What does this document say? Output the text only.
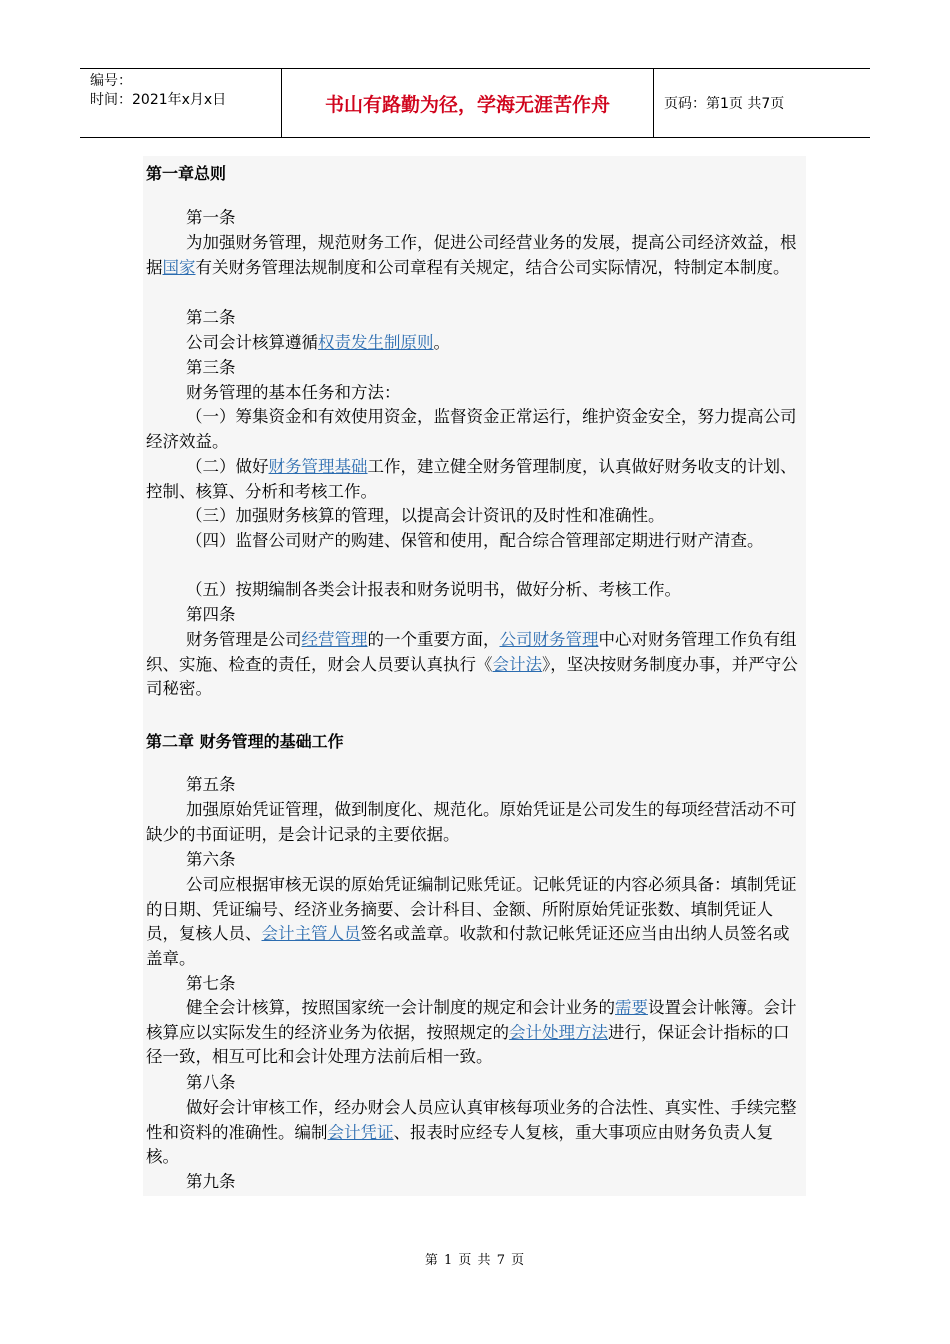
编号：
时间：2021年x月x日	书山有路勤为径，学海无涯苦作舟	页码：第1页 共7页
第一章总则
第一条
为加强财务管理，规范财务工作，促进公司经营业务的发展，提高公司经济效益，根据国家有关财务管理法规制度和公司章程有关规定，结合公司实际情况，特制定本制度。
第二条
公司会计核算遵循权责发生制原则。
第三条
财务管理的基本任务和方法：
（一）筹集资金和有效使用资金，监督资金正常运行，维护资金安全，努力提高公司经济效益。
（二）做好财务管理基础工作，建立健全财务管理制度，认真做好财务收支的计划、控制、核算、分析和考核工作。
（三）加强财务核算的管理，以提高会计资讯的及时性和准确性。
（四）监督公司财产的购建、保管和使用，配合综合管理部定期进行财产清查。
（五）按期编制各类会计报表和财务说明书，做好分析、考核工作。
第四条
财务管理是公司经营管理的一个重要方面，公司财务管理中心对财务管理工作负有组织、实施、检查的责任，财会人员要认真执行《会计法》，坚决按财务制度办事，并严守公司秘密。
第二章 财务管理的基础工作
第五条
加强原始凭证管理，做到制度化、规范化。原始凭证是公司发生的每项经营活动不可缺少的书面证明，是会计记录的主要依据。
第六条
公司应根据审核无误的原始凭证编制记账凭证。记帐凭证的内容必须具备：填制凭证的日期、凭证编号、经济业务摘要、会计科目、金额、所附原始凭证张数、填制凭证人员，复核人员、会计主管人员签名或盖章。收款和付款记帐凭证还应当由出纳人员签名或盖章。
第七条
健全会计核算，按照国家统一会计制度的规定和会计业务的需要设置会计帐簿。会计核算应以实际发生的经济业务为依据，按照规定的会计处理方法进行，保证会计指标的口径一致，相互可比和会计处理方法前后相一致。
第八条
做好会计审核工作，经办财会人员应认真审核每项业务的合法性、真实性、手续完整性和资料的准确性。编制会计凭证、报表时应经专人复核，重大事项应由财务负责人复核。
第九条
第 1 页 共 7 页
